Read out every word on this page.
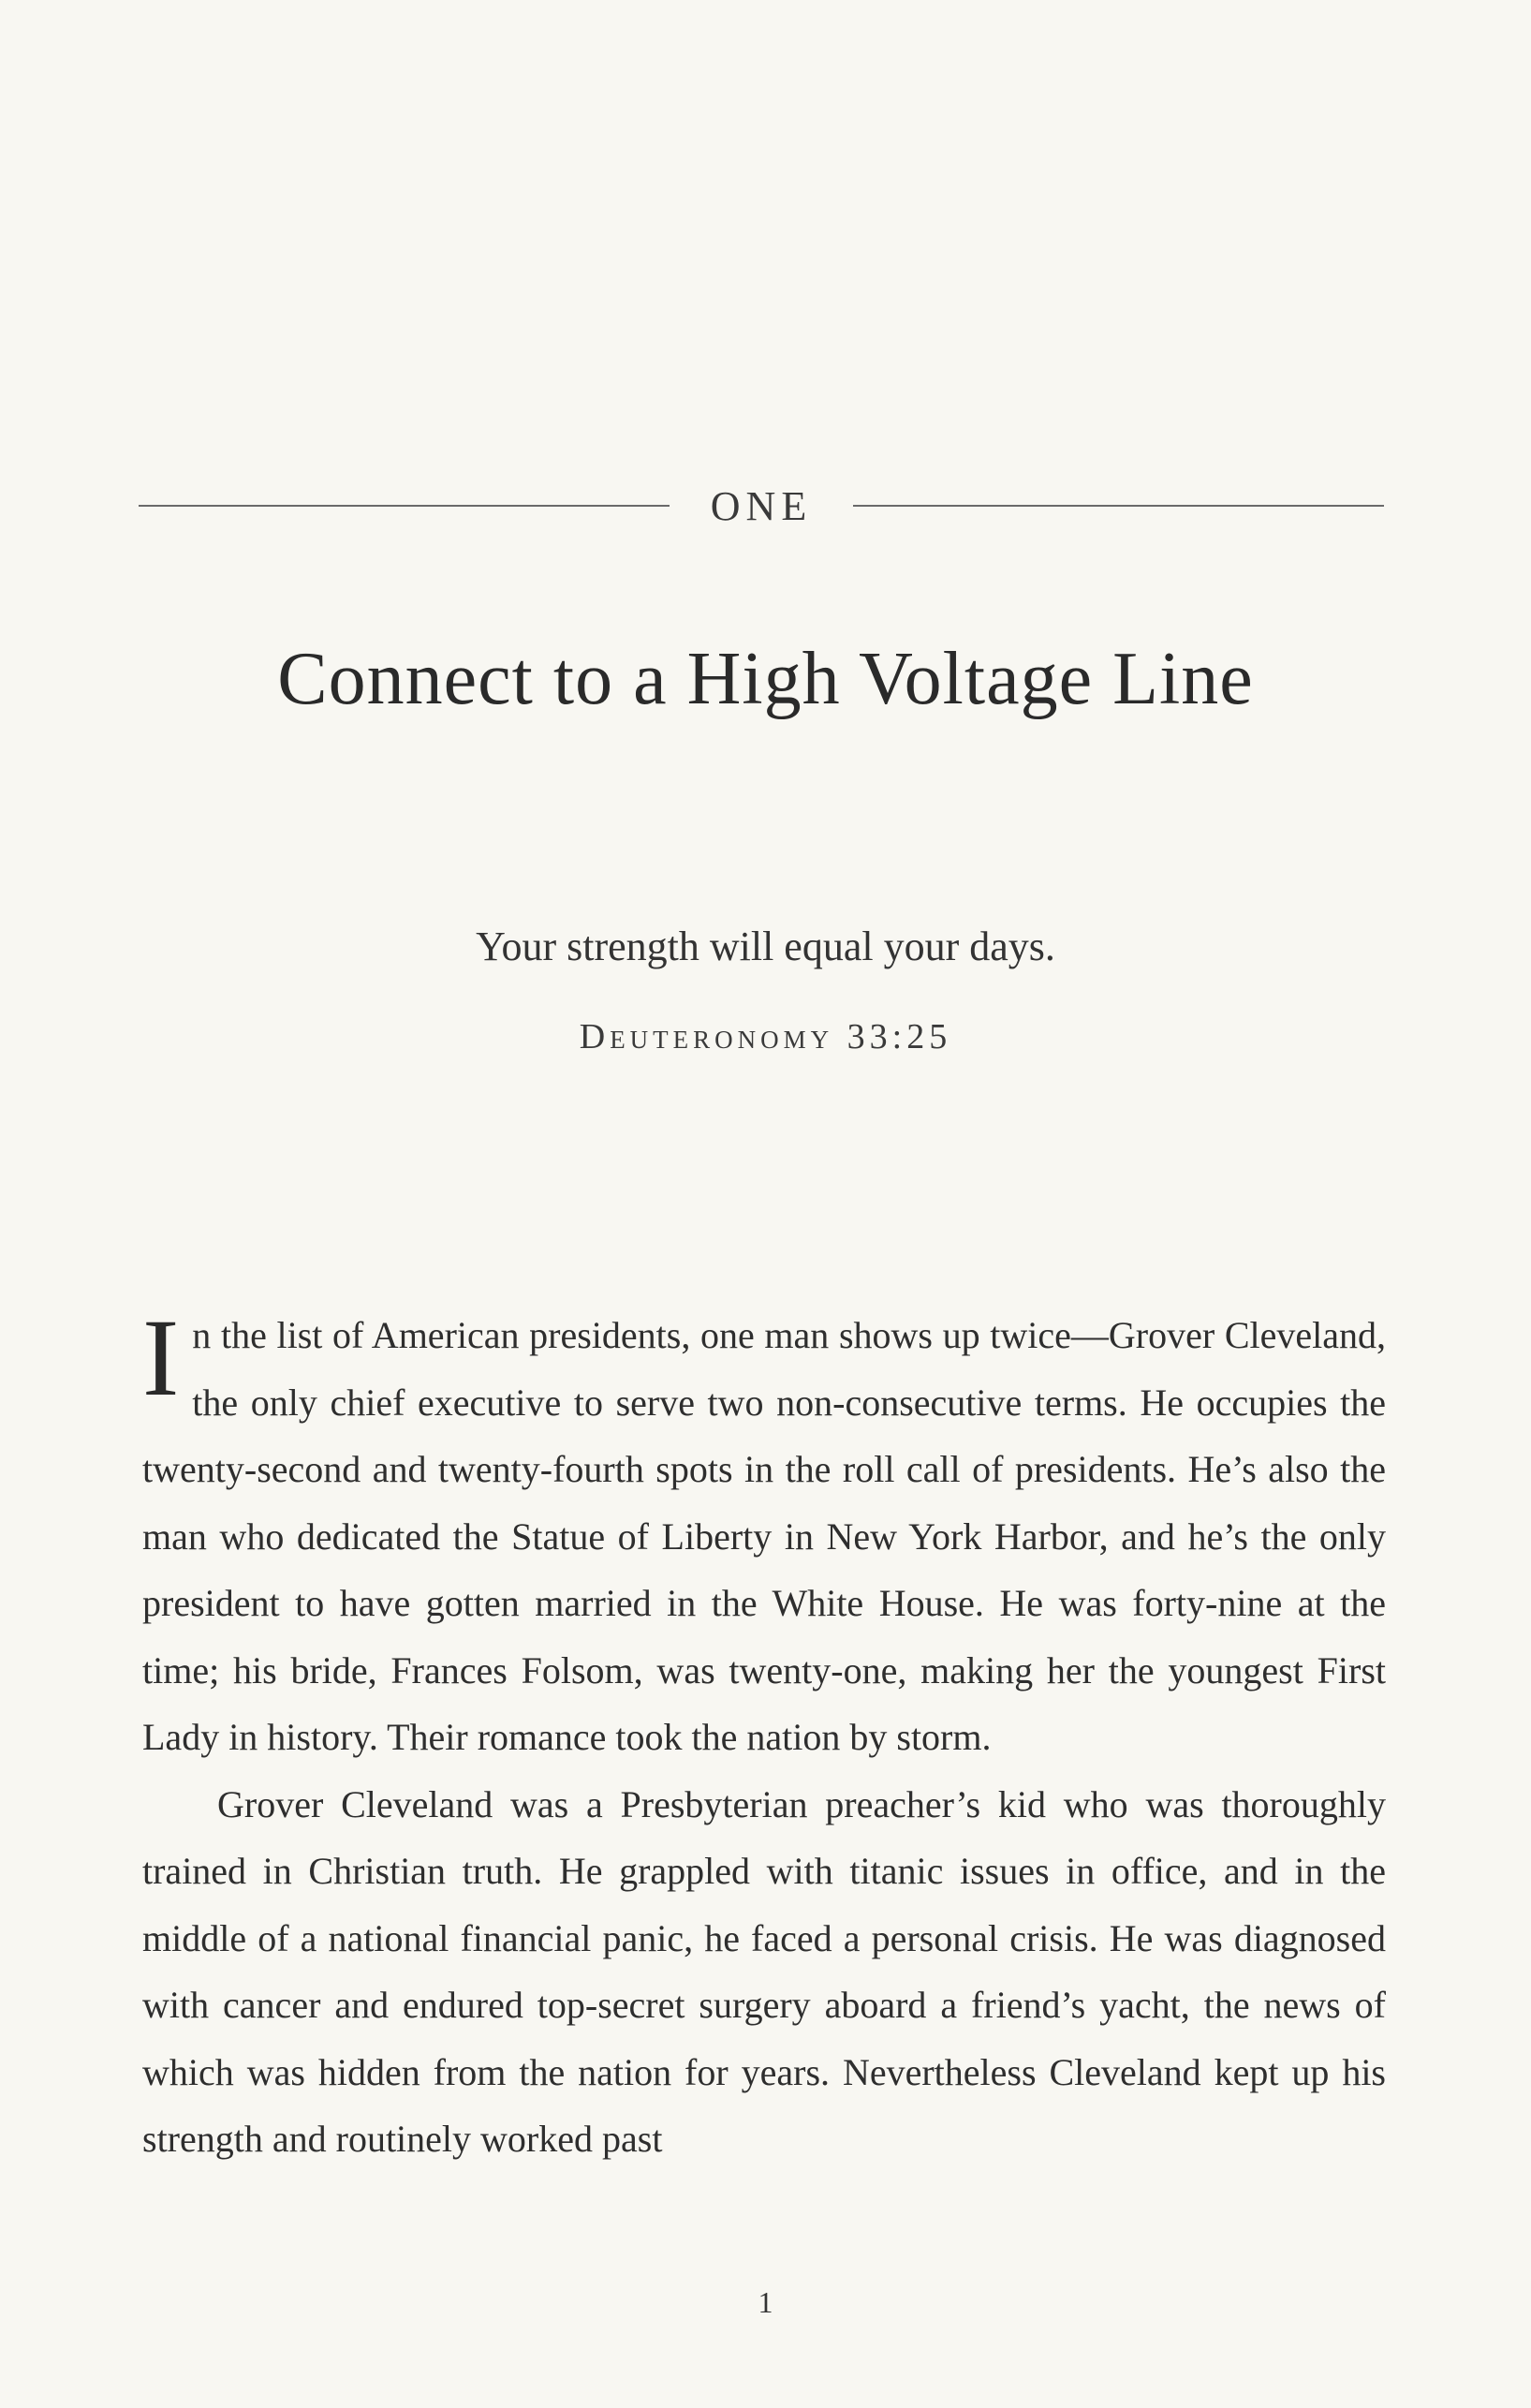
ONE
Connect to a High Voltage Line
Your strength will equal your days.
Deuteronomy 33:25

In the list of American presidents, one man shows up twice—Grover Cleveland, the only chief executive to serve two non-consecutive terms. He occupies the twenty-second and twenty-fourth spots in the roll call of presidents. He’s also the man who dedicated the Statue of Liberty in New York Harbor, and he’s the only president to have gotten married in the White House. He was forty-nine at the time; his bride, Frances Folsom, was twenty-one, making her the youngest First Lady in history. Their romance took the nation by storm.

Grover Cleveland was a Presbyterian preacher’s kid who was thoroughly trained in Christian truth. He grappled with titanic issues in office, and in the middle of a national financial panic, he faced a personal crisis. He was diagnosed with cancer and endured top-secret surgery aboard a friend’s yacht, the news of which was hidden from the nation for years. Nevertheless Cleveland kept up his strength and routinely worked past

1
